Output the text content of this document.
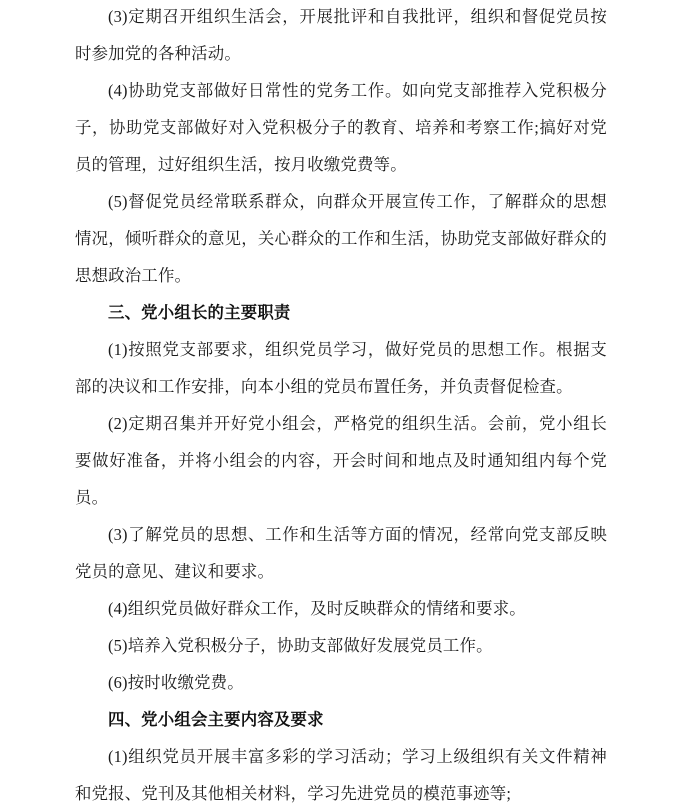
(3)定期召开组织生活会，开展批评和自我批评，组织和督促党员按
时参加党的各种活动。
(4)协助党支部做好日常性的党务工作。如向党支部推荐入党积极分
子，协助党支部做好对入党积极分子的教育、培养和考察工作;搞好对党
员的管理，过好组织生活，按月收缴党费等。
(5)督促党员经常联系群众，向群众开展宣传工作，了解群众的思想
情况，倾听群众的意见，关心群众的工作和生活，协助党支部做好群众的
思想政治工作。
三、党小组长的主要职责
(1)按照党支部要求，组织党员学习，做好党员的思想工作。根据支
部的决议和工作安排，向本小组的党员布置任务，并负责督促检查。
(2)定期召集并开好党小组会，严格党的组织生活。会前，党小组长
要做好准备，并将小组会的内容，开会时间和地点及时通知组内每个党
员。
(3)了解党员的思想、工作和生活等方面的情况，经常向党支部反映
党员的意见、建议和要求。
(4)组织党员做好群众工作，及时反映群众的情绪和要求。
(5)培养入党积极分子，协助支部做好发展党员工作。
(6)按时收缴党费。
四、党小组会主要内容及要求
(1)组织党员开展丰富多彩的学习活动；学习上级组织有关文件精神
和党报、党刊及其他相关材料，学习先进党员的模范事迹等;
